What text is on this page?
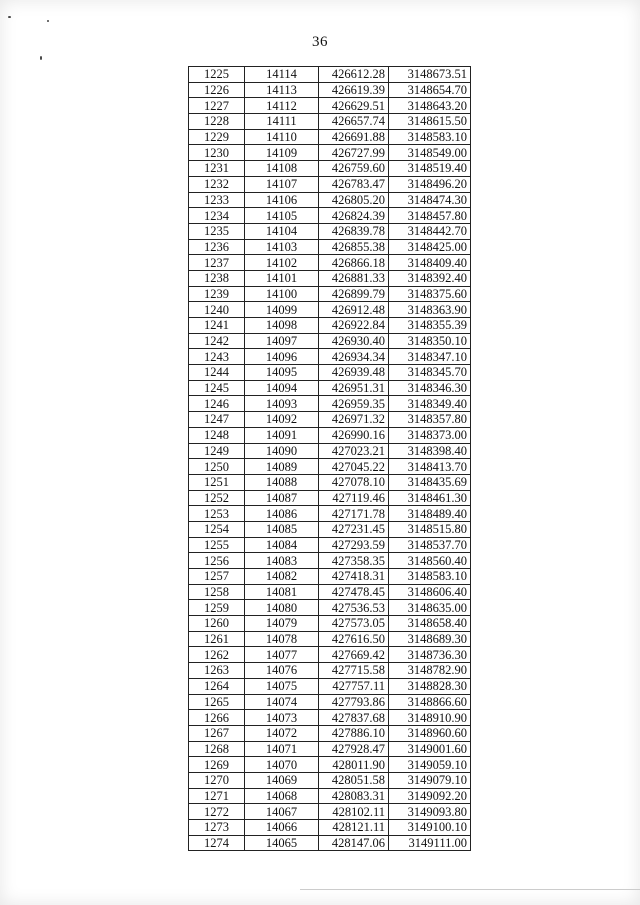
36
1225	14114	426612.28	3148673.51
1226	14113	426619.39	3148654.70
1227	14112	426629.51	3148643.20
1228	14111	426657.74	3148615.50
1229	14110	426691.88	3148583.10
1230	14109	426727.99	3148549.00
1231	14108	426759.60	3148519.40
1232	14107	426783.47	3148496.20
1233	14106	426805.20	3148474.30
1234	14105	426824.39	3148457.80
1235	14104	426839.78	3148442.70
1236	14103	426855.38	3148425.00
1237	14102	426866.18	3148409.40
1238	14101	426881.33	3148392.40
1239	14100	426899.79	3148375.60
1240	14099	426912.48	3148363.90
1241	14098	426922.84	3148355.39
1242	14097	426930.40	3148350.10
1243	14096	426934.34	3148347.10
1244	14095	426939.48	3148345.70
1245	14094	426951.31	3148346.30
1246	14093	426959.35	3148349.40
1247	14092	426971.32	3148357.80
1248	14091	426990.16	3148373.00
1249	14090	427023.21	3148398.40
1250	14089	427045.22	3148413.70
1251	14088	427078.10	3148435.69
1252	14087	427119.46	3148461.30
1253	14086	427171.78	3148489.40
1254	14085	427231.45	3148515.80
1255	14084	427293.59	3148537.70
1256	14083	427358.35	3148560.40
1257	14082	427418.31	3148583.10
1258	14081	427478.45	3148606.40
1259	14080	427536.53	3148635.00
1260	14079	427573.05	3148658.40
1261	14078	427616.50	3148689.30
1262	14077	427669.42	3148736.30
1263	14076	427715.58	3148782.90
1264	14075	427757.11	3148828.30
1265	14074	427793.86	3148866.60
1266	14073	427837.68	3148910.90
1267	14072	427886.10	3148960.60
1268	14071	427928.47	3149001.60
1269	14070	428011.90	3149059.10
1270	14069	428051.58	3149079.10
1271	14068	428083.31	3149092.20
1272	14067	428102.11	3149093.80
1273	14066	428121.11	3149100.10
1274	14065	428147.06	3149111.00
